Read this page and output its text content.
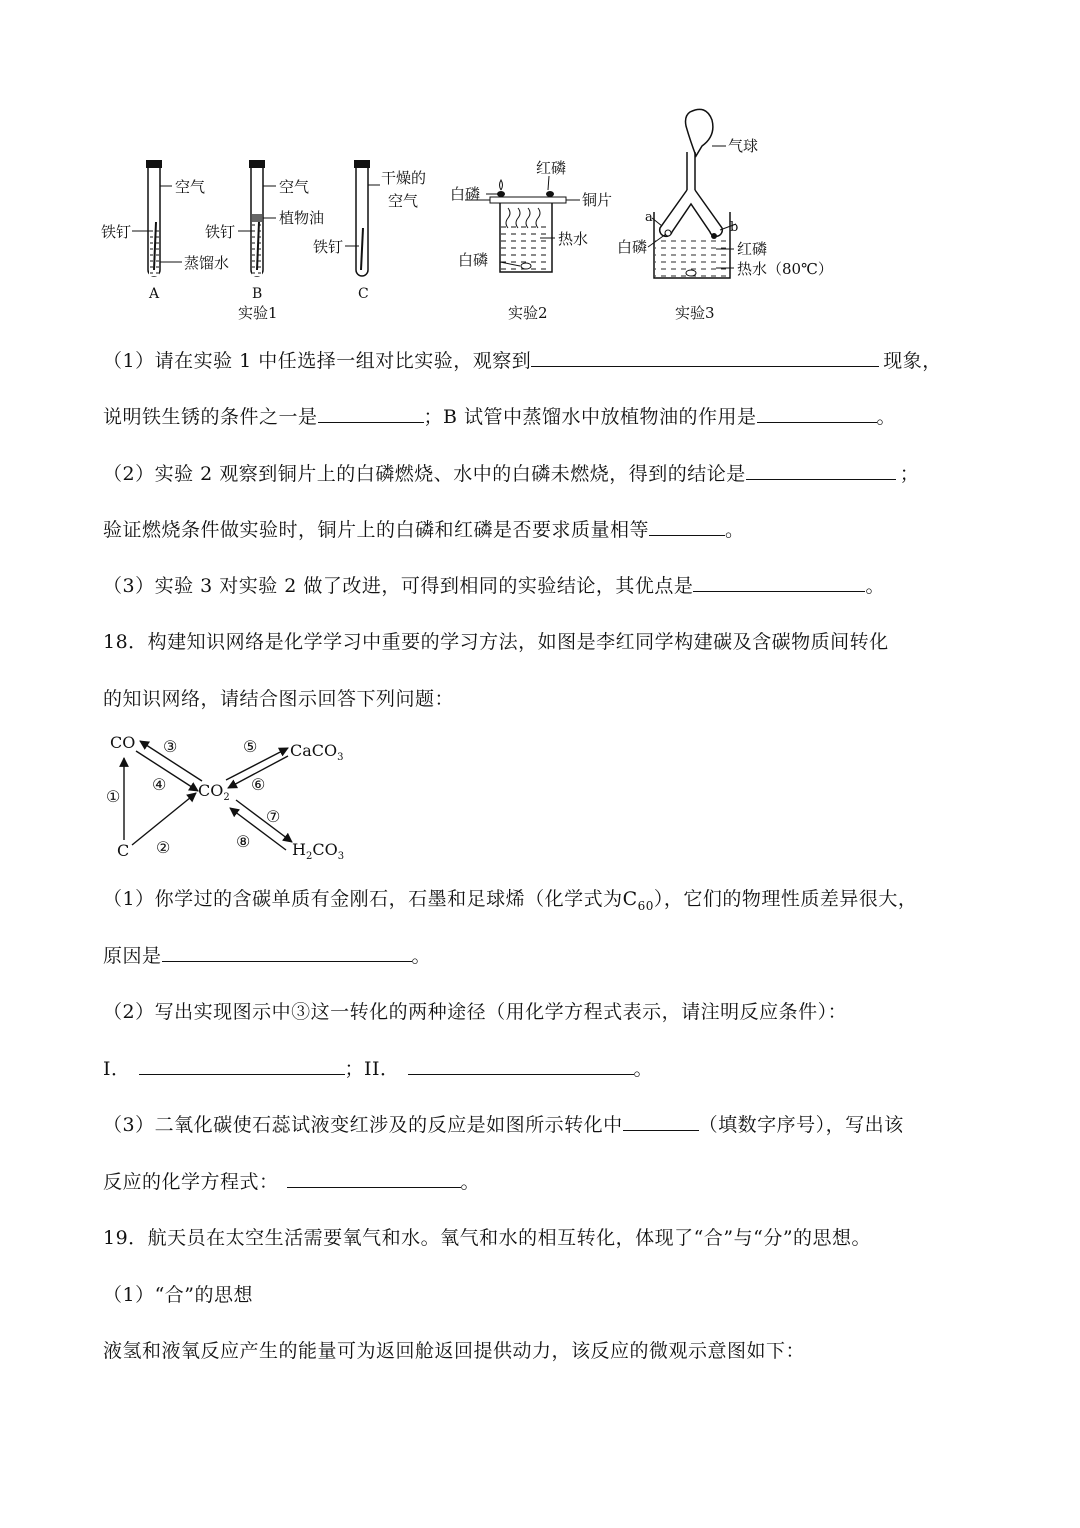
空气
铁钉
蒸馏水
A
空气
植物油
铁钉
B
干燥的
空气
铁钉
C
实验1
红磷
白磷	铜片
热水
白磷
实验2
气球
a
b
白磷	红磷
热水（80℃）
实验3
（1）请在实验 1 中任选择一组对比实验，观察到	现象，
说明铁生锈的条件之一是	；B 试管中蒸馏水中放植物油的作用是	。
（2）实验 2 观察到铜片上的白磷燃烧、水中的白磷未燃烧，得到的结论是	；
验证燃烧条件做实验时，铜片上的白磷和红磷是否要求质量相等	。
（3）实验 3 对实验 2 做了改进，可得到相同的实验结论，其优点是	。
18．构建知识网络是化学学习中重要的学习方法，如图是李红同学构建碳及含碳物质间转化
的知识网络，请结合图示回答下列问题：
CO
$CO_2$
CaCO$_3$
C	$H_2CO_3$
①
②
③
④
⑤
⑥
⑦
⑧
（1）你学过的含碳单质有金刚石，石墨和足球烯（化学式为$C_{60}$），它们的物理性质差异很大，
原因是	。
（2）写出实现图示中③这一转化的两种途径（用化学方程式表示，请注明反应条件）：
I．	；II．	。
（3）二氧化碳使石蕊试液变红涉及的反应是如图所示转化中	（填数字序号），写出该
反应的化学方程式：	。
19．航天员在太空生活需要氧气和水。氧气和水的相互转化，体现了“合”与“分”的思想。
（1）“合”的思想
液氢和液氧反应产生的能量可为返回舱返回提供动力，该反应的微观示意图如下：
